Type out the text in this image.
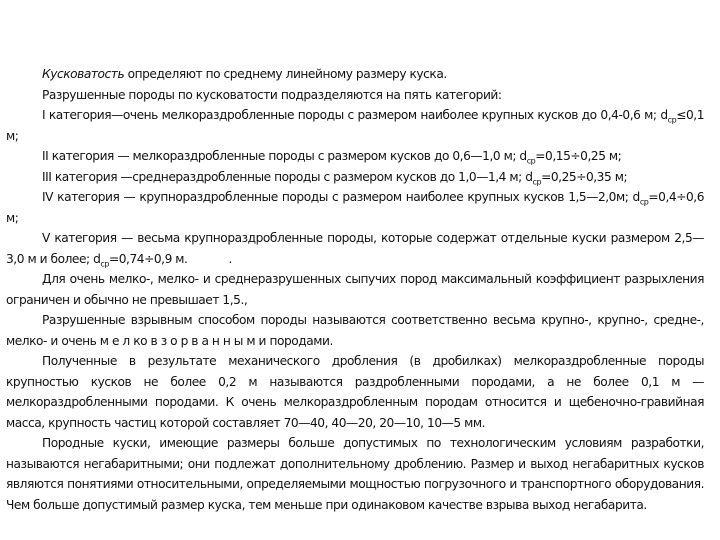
Кусковатость определяют по среднему линейному размеру куска.

Разрушенные породы по кусковатости подразделяются на пять категорий:

I категория—очень мелкораздробленные породы с размером наиболее крупных кусков до 0,4-0,6 м; $d_{ср}\le 0,1$ м;

II категория — мелкораздробленные породы с размером кусков до 0,6—1,0 м; $d_{ср}=0,15\div 0,25$ м;

III категория —среднераздробленные породы с размером кусков до 1,0—1,4 м; $d_{ср}=0,25\div 0,35$ м;

IV категория — крупнораздробленные породы с размером наиболее крупных кусков 1,5—2,0м; $d_{ср}=0,4\div 0,6$ м;

V категория — весьма крупнораздробленные породы, которые содержат отдельные куски размером 2,5—3,0 м и более; $d_{ср}=0,74\div 0,9$ м.            .

Для очень мелко-, мелко- и среднеразрушенных сыпучих пород максимальный коэффициент разрыхления ограничен и обычно не превышает 1,5.,

Разрушенные взрывным способом породы называются соответственно весьма крупно-, крупно-, средне-, мелко- и очень м е л ко в з о р в а н н ы м и породами.

Полученные в результате механического дробления (в дробилках) мелкораздробленные породы крупностью кусков не более 0,2 м называются раздробленными породами, а не более 0,1 м — мелкораздробленными породами. К очень мелкораздробленным породам относится и щебеночно-гравийная масса, крупность частиц которой составляет 70—40, 40—20, 20—10, 10—5 мм.

Породные куски, имеющие размеры больше допустимых по технологическим условиям разработки, называются негабаритными; они подлежат дополнительному дроблению. Размер и выход негабаритных кусков являются понятиями относительными, определяемыми мощностью погрузочного и транспортного оборудования. Чем больше допустимый размер куска, тем меньше при одинаковом качестве взрыва выход негабарита.
